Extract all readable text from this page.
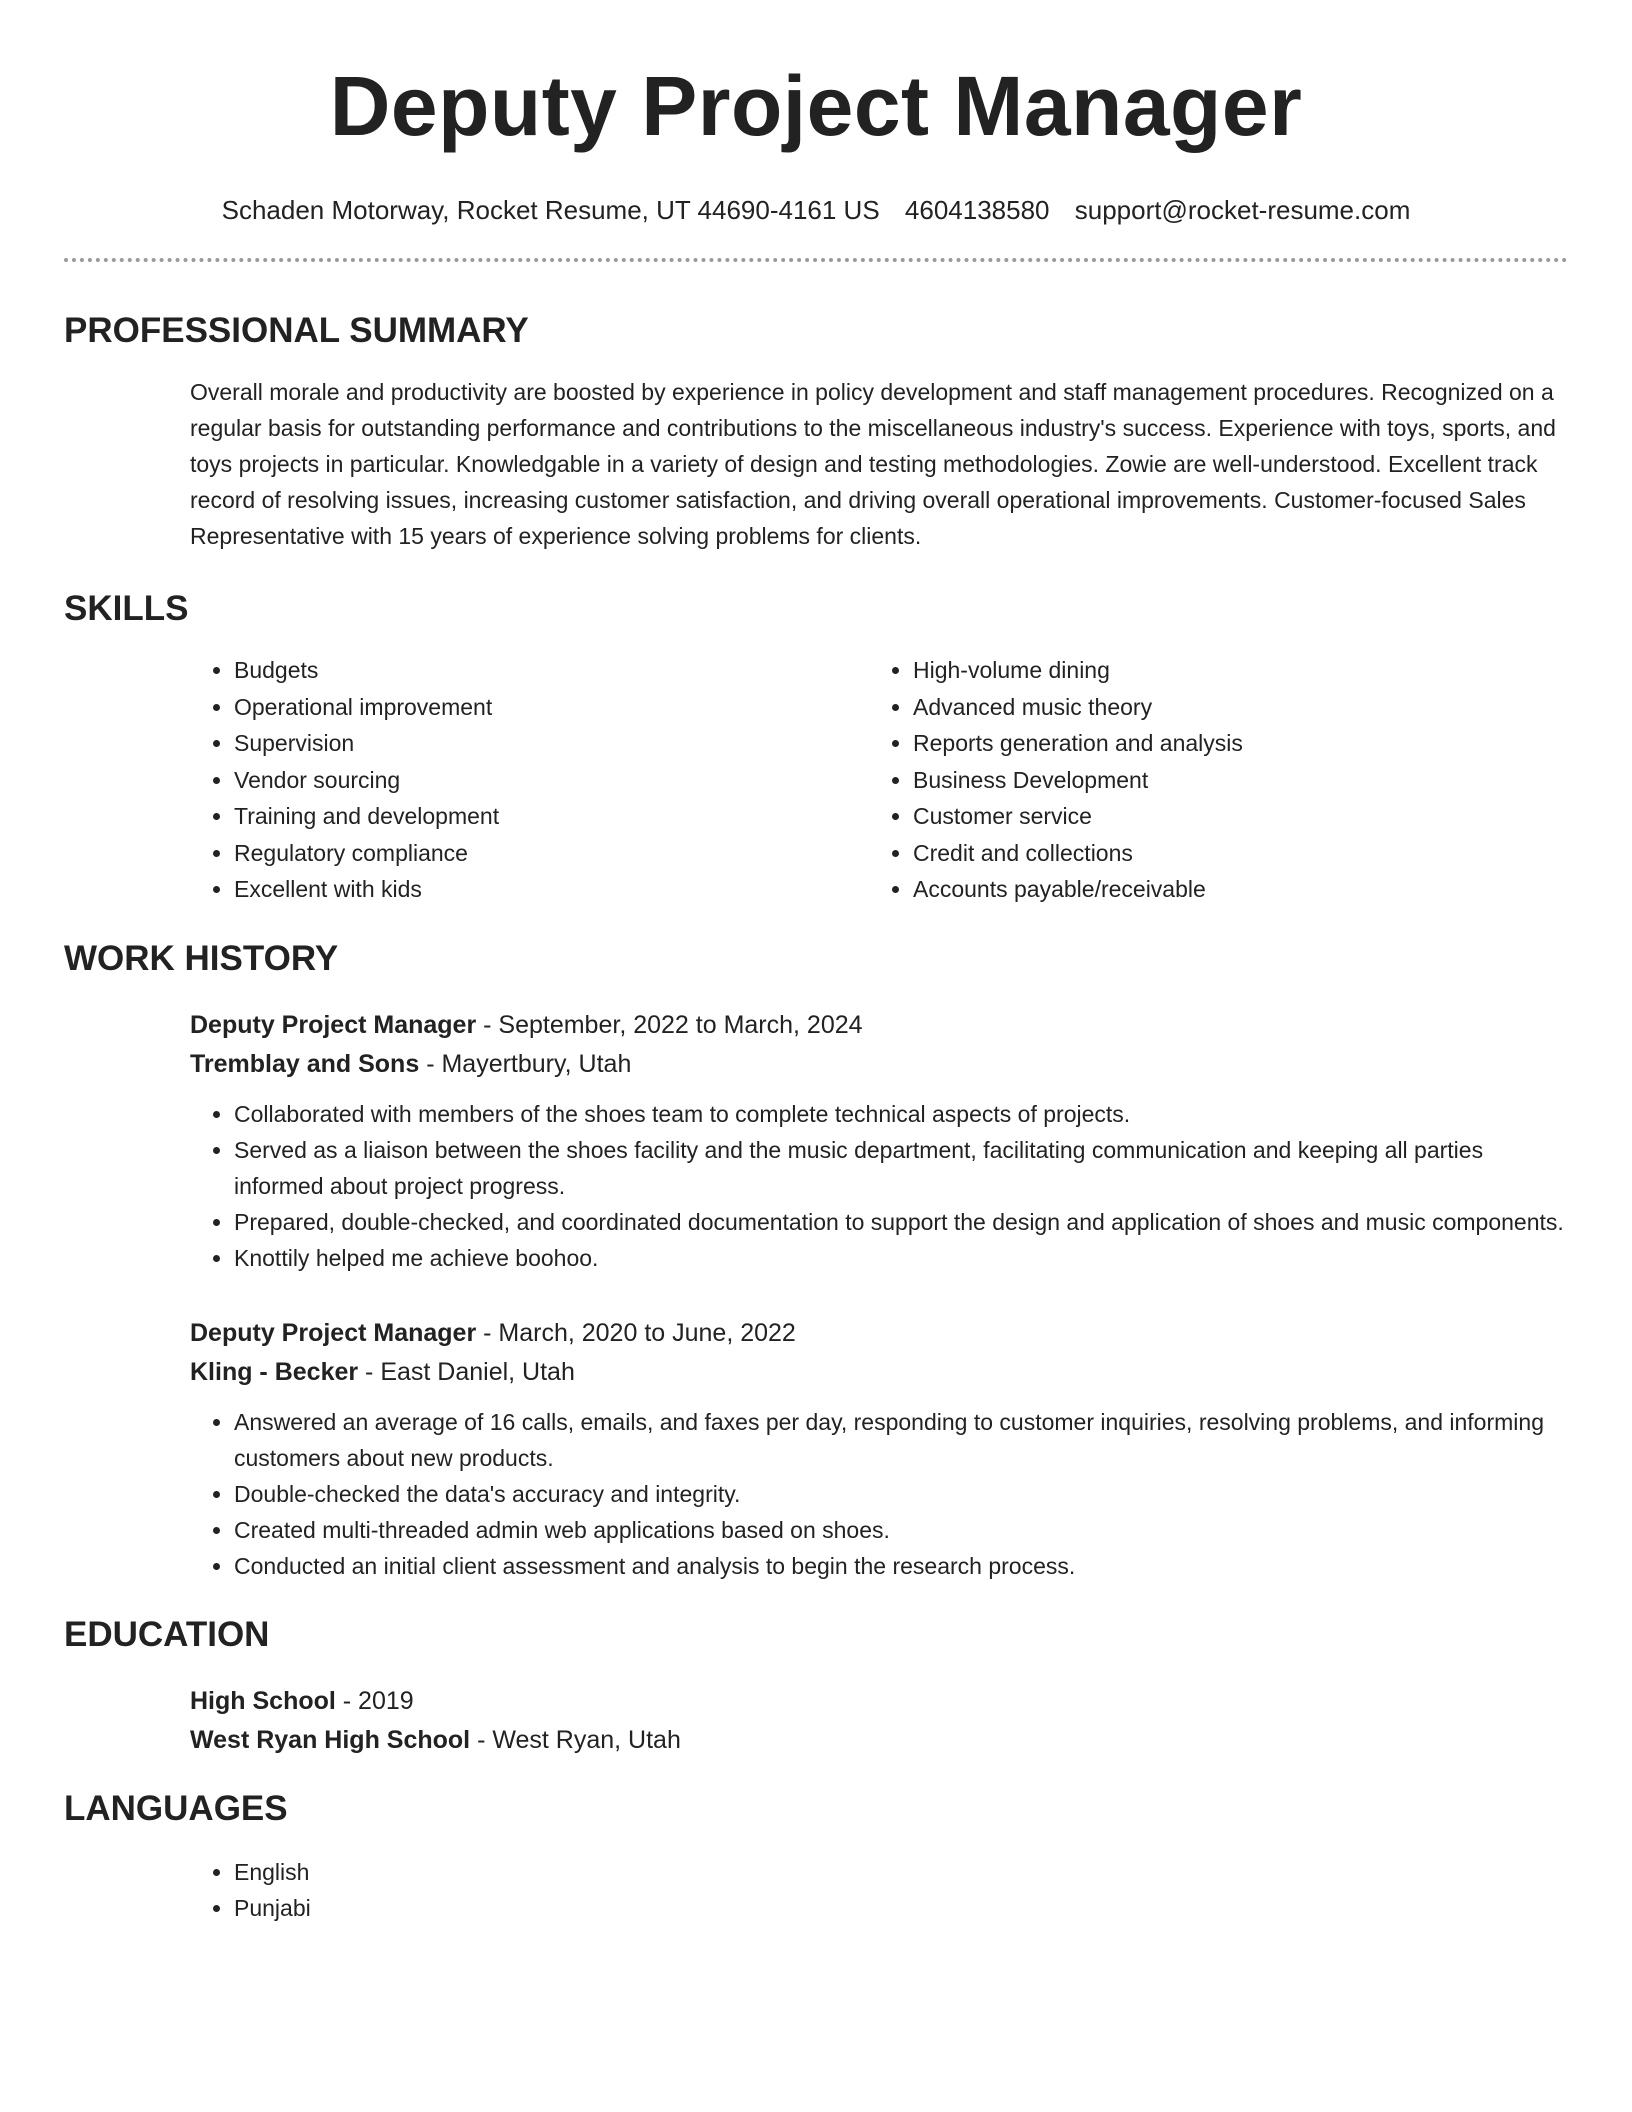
Deputy Project Manager
Schaden Motorway, Rocket Resume, UT 44690-4161 US 4604138580 support@rocket-resume.com
PROFESSIONAL SUMMARY
Overall morale and productivity are boosted by experience in policy development and staff management procedures. Recognized on a regular basis for outstanding performance and contributions to the miscellaneous industry's success. Experience with toys, sports, and toys projects in particular. Knowledgable in a variety of design and testing methodologies. Zowie are well-understood. Excellent track record of resolving issues, increasing customer satisfaction, and driving overall operational improvements. Customer-focused Sales Representative with 15 years of experience solving problems for clients.
SKILLS
• Budgets
• Operational improvement
• Supervision
• Vendor sourcing
• Training and development
• Regulatory compliance
• Excellent with kids
• High-volume dining
• Advanced music theory
• Reports generation and analysis
• Business Development
• Customer service
• Credit and collections
• Accounts payable/receivable
WORK HISTORY
Deputy Project Manager - September, 2022 to March, 2024
Tremblay and Sons - Mayertbury, Utah
• Collaborated with members of the shoes team to complete technical aspects of projects.
• Served as a liaison between the shoes facility and the music department, facilitating communication and keeping all parties informed about project progress.
• Prepared, double-checked, and coordinated documentation to support the design and application of shoes and music components.
• Knottily helped me achieve boohoo.
Deputy Project Manager - March, 2020 to June, 2022
Kling - Becker - East Daniel, Utah
• Answered an average of 16 calls, emails, and faxes per day, responding to customer inquiries, resolving problems, and informing customers about new products.
• Double-checked the data's accuracy and integrity.
• Created multi-threaded admin web applications based on shoes.
• Conducted an initial client assessment and analysis to begin the research process.
EDUCATION
High School - 2019
West Ryan High School - West Ryan, Utah
LANGUAGES
• English
• Punjabi
